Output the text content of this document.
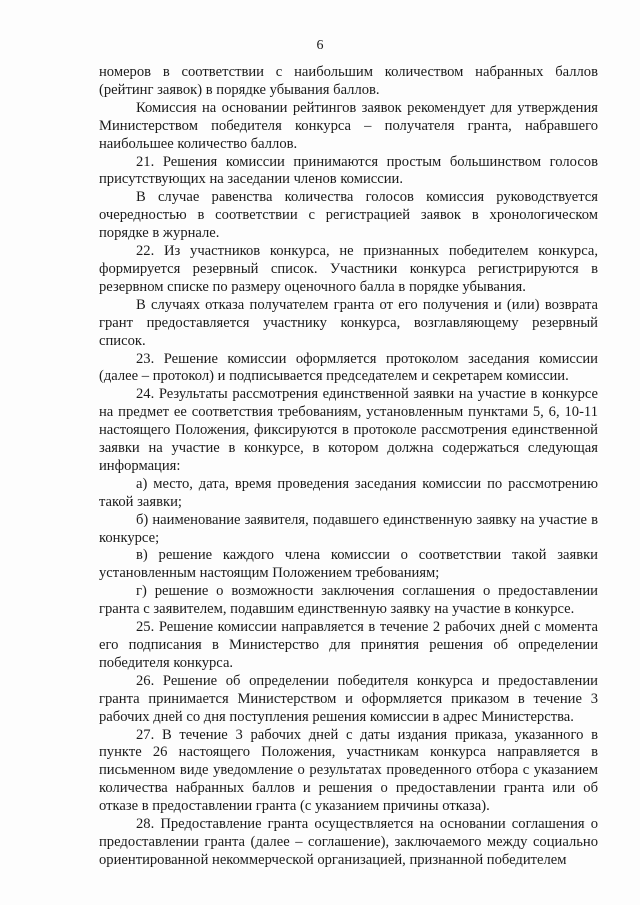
6

номеров в соответствии с наибольшим количеством набранных баллов (рейтинг заявок) в порядке убывания баллов.

Комиссия на основании рейтингов заявок рекомендует для утверждения Министерством победителя конкурса – получателя гранта, набравшего наибольшее количество баллов.

21. Решения комиссии принимаются простым большинством голосов присутствующих на заседании членов комиссии.

В случае равенства количества голосов комиссия руководствуется очередностью в соответствии с регистрацией заявок в хронологическом порядке в журнале.

22. Из участников конкурса, не признанных победителем конкурса, формируется резервный список. Участники конкурса регистрируются в резервном списке по размеру оценочного балла в порядке убывания.

В случаях отказа получателем гранта от его получения и (или) возврата грант предоставляется участнику конкурса, возглавляющему резервный список.

23. Решение комиссии оформляется протоколом заседания комиссии (далее – протокол) и подписывается председателем и секретарем комиссии.

24. Результаты рассмотрения единственной заявки на участие в конкурсе на предмет ее соответствия требованиям, установленным пунктами 5, 6, 10-11 настоящего Положения, фиксируются в протоколе рассмотрения единственной заявки на участие в конкурсе, в котором должна содержаться следующая информация:

а) место, дата, время проведения заседания комиссии по рассмотрению такой заявки;

б) наименование заявителя, подавшего единственную заявку на участие в конкурсе;

в) решение каждого члена комиссии о соответствии такой заявки установленным настоящим Положением требованиям;

г) решение о возможности заключения соглашения о предоставлении гранта с заявителем, подавшим единственную заявку на участие в конкурсе.

25. Решение комиссии направляется в течение 2 рабочих дней с момента его подписания в Министерство для принятия решения об определении победителя конкурса.

26. Решение об определении победителя конкурса и предоставлении гранта принимается Министерством и оформляется приказом в течение 3 рабочих дней со дня поступления решения комиссии в адрес Министерства.

27. В течение 3 рабочих дней с даты издания приказа, указанного в пункте 26 настоящего Положения, участникам конкурса направляется в письменном виде уведомление о результатах проведенного отбора с указанием количества набранных баллов и решения о предоставлении гранта или об отказе в предоставлении гранта (с указанием причины отказа).

28. Предоставление гранта осуществляется на основании соглашения о предоставлении гранта (далее – соглашение), заключаемого между социально ориентированной некоммерческой организацией, признанной победителем
